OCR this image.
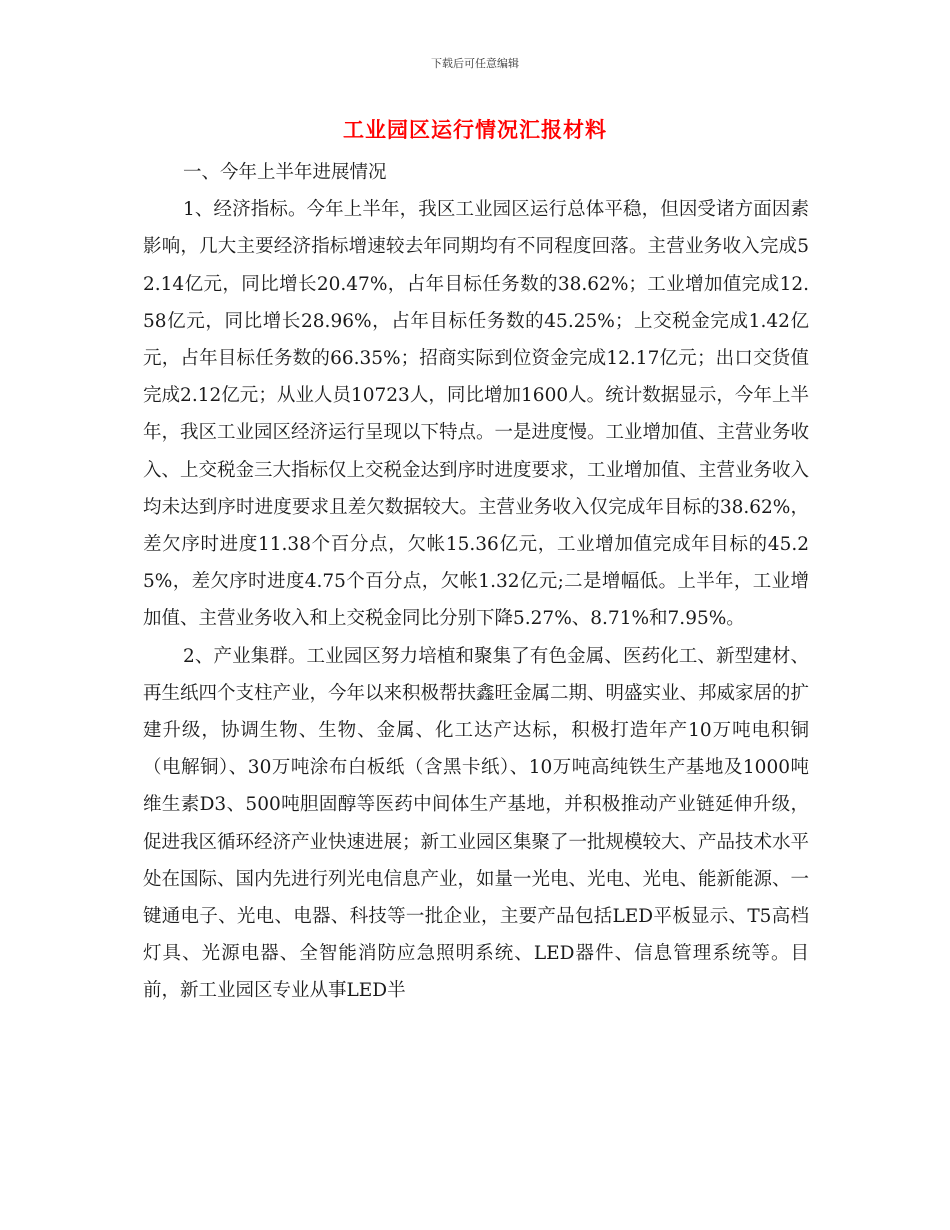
下载后可任意编辑
工业园区运行情况汇报材料

一、今年上半年进展情况

1、经济指标。今年上半年，我区工业园区运行总体平稳，但因受诸方面因素影响，几大主要经济指标增速较去年同期均有不同程度回落。主营业务收入完成52.14亿元，同比增长20.47%，占年目标任务数的38.62%；工业增加值完成12.58亿元，同比增长28.96%，占年目标任务数的45.25%；上交税金完成1.42亿元，占年目标任务数的66.35%；招商实际到位资金完成12.17亿元；出口交货值完成2.12亿元；从业人员10723人，同比增加1600人。统计数据显示，今年上半年，我区工业园区经济运行呈现以下特点。一是进度慢。工业增加值、主营业务收入、上交税金三大指标仅上交税金达到序时进度要求，工业增加值、主营业务收入均未达到序时进度要求且差欠数据较大。主营业务收入仅完成年目标的38.62%，差欠序时进度11.38个百分点，欠帐15.36亿元，工业增加值完成年目标的45.25%，差欠序时进度4.75个百分点，欠帐1.32亿元;二是增幅低。上半年，工业增加值、主营业务收入和上交税金同比分别下降5.27%、8.71%和7.95%。

2、产业集群。工业园区努力培植和聚集了有色金属、医药化工、新型建材、再生纸四个支柱产业，今年以来积极帮扶鑫旺金属二期、明盛实业、邦威家居的扩建升级，协调生物、生物、金属、化工达产达标，积极打造年产10万吨电积铜（电解铜）、30万吨涂布白板纸（含黑卡纸）、10万吨高纯铁生产基地及1000吨维生素D3、500吨胆固醇等医药中间体生产基地，并积极推动产业链延伸升级，促进我区循环经济产业快速进展；新工业园区集聚了一批规模较大、产品技术水平处在国际、国内先进行列光电信息产业，如量一光电、光电、光电、能新能源、一键通电子、光电、电器、科技等一批企业，主要产品包括LED平板显示、T5高档灯具、光源电器、全智能消防应急照明系统、LED器件、信息管理系统等。目前，新工业园区专业从事LED半
